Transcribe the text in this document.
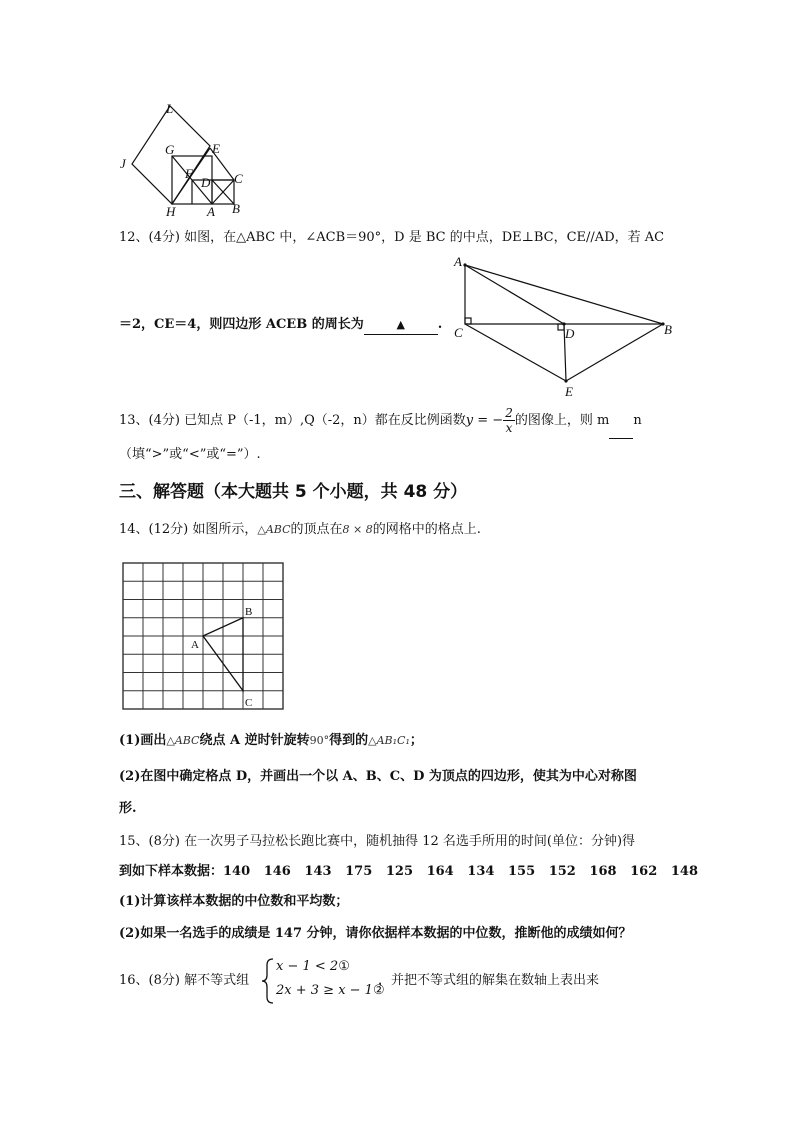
L
J
G	E
F
D C
H A B
12、(4分) 如图，在△ABC 中，∠ACB＝90°，D 是 BC 的中点，DE⊥BC，CE//AD，若 AC
A
C	D	B
E
＝2，CE＝4，则四边形 ACEB 的周长为	▲	.
13、(4分) 已知点 P（-1，m）,Q（-2，n）都在反比例函数y = − $\frac{2}{x}$ 的图像上，则 m n
（填“>”或“<”或“=”）.
三、解答题（本大题共 5 个小题，共 48 分）
14、(12分) 如图所示，△ABC的顶点在8 × 8的网格中的格点上.
B
A
C
(1)画出△ABC绕点 A 逆时针旋转90°得到的△AB₁C₁；
(2)在图中确定格点 D，并画出一个以 A、B、C、D 为顶点的四边形，使其为中心对称图
形.
15、(8分) 在一次男子马拉松长跑比赛中，随机抽得 12 名选手所用的时间(单位：分钟)得
到如下样本数据：140   146   143   175   125   164   134   155   152   168   162   148
(1)计算该样本数据的中位数和平均数；
(2)如果一名选手的成绩是 147 分钟，请你依据样本数据的中位数，推断他的成绩如何？
16、(8分) 解不等式组
x − 1 < 2①
2x + 3 ≥ x − 1②
，并把不等式组的解集在数轴上表出来
